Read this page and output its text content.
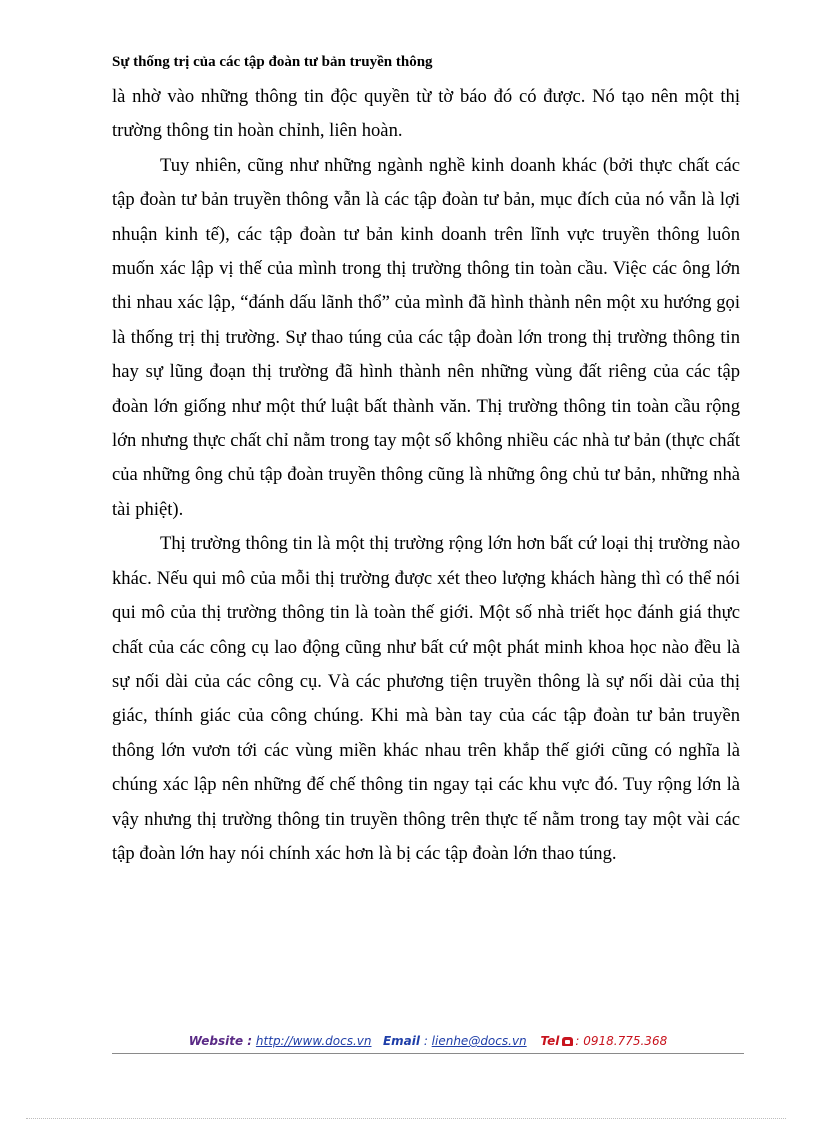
Sự thống trị của các tập đoàn tư bản truyền thông

là nhờ vào những thông tin độc quyền từ tờ báo đó có được. Nó tạo nên một thị trường thông tin hoàn chỉnh, liên hoàn.

Tuy nhiên, cũng như những ngành nghề kinh doanh khác (bởi thực chất các tập đoàn tư bản truyền thông vẫn là các tập đoàn tư bản, mục đích của nó vẫn là lợi nhuận kinh tế), các tập đoàn tư bản kinh doanh trên lĩnh vực truyền thông luôn muốn xác lập vị thế của mình trong thị trường thông tin toàn cầu. Việc các ông lớn thi nhau xác lập, “đánh dấu lãnh thổ” của mình đã hình thành nên một xu hướng gọi là thống trị thị trường. Sự thao túng của các tập đoàn lớn trong thị trường thông tin hay sự lũng đoạn thị trường đã hình thành nên những vùng đất riêng của các tập đoàn lớn giống như một thứ luật bất thành văn. Thị trường thông tin toàn cầu rộng lớn nhưng thực chất chỉ nằm trong tay một số không nhiều các nhà tư bản (thực chất của những ông chủ tập đoàn truyền thông cũng là những ông chủ tư bản, những nhà tài phiệt).

Thị trường thông tin là một thị trường rộng lớn hơn bất cứ loại thị trường nào khác. Nếu qui mô của mỗi thị trường được xét theo lượng khách hàng thì có thể nói qui mô của thị trường thông tin là toàn thế giới. Một số nhà triết học đánh giá thực chất của các công cụ lao động cũng như bất cứ một phát minh khoa học nào đều là sự nối dài của các công cụ. Và các phương tiện truyền thông là sự nối dài của thị giác, thính giác của công chúng. Khi mà bàn tay của các tập đoàn tư bản truyền thông lớn vươn tới các vùng miền khác nhau trên khắp thế giới cũng có nghĩa là chúng xác lập nên những đế chế thông tin ngay tại các khu vực đó. Tuy rộng lớn là vậy nhưng thị trường thông tin truyền thông trên thực tế nằm trong tay một vài các tập đoàn lớn hay nói chính xác hơn là bị các tập đoàn lớn thao túng.

Website : http://www.docs.vn Email : lienhe@docs.vn Tel : 0918.775.368
